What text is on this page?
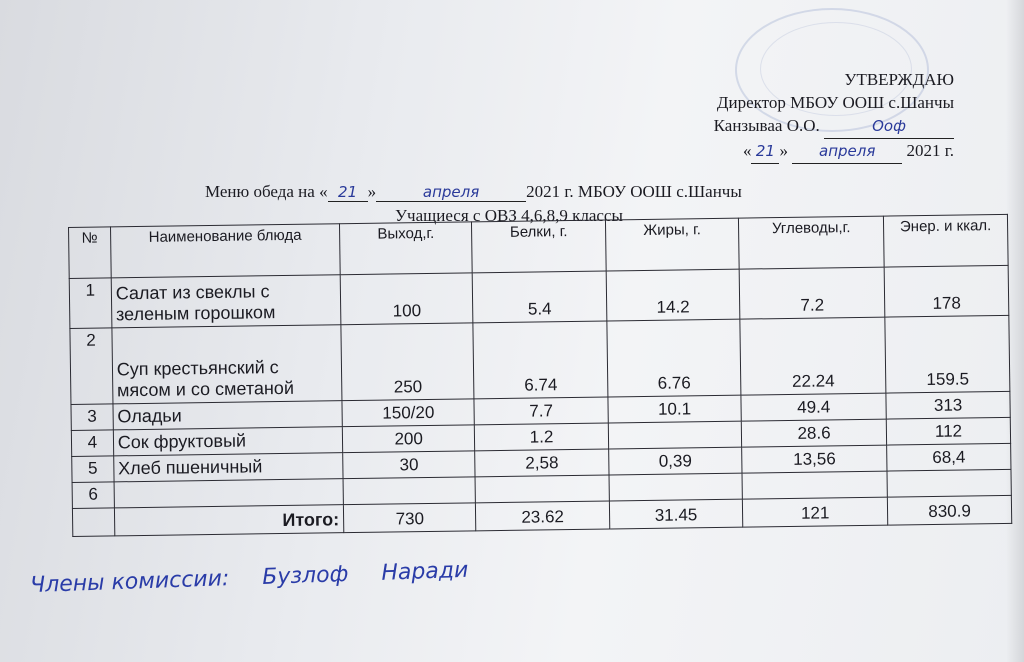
УТВЕРЖДАЮ
Директор МБОУ ООШ с.Шанчы
Канзываа О.О.	Ооф
« 21 » апреля 2021 г.
Меню обеда на « 21 »	апреля	2021 г. МБОУ ООШ с.Шанчы
Учащиеся с ОВЗ 4,6,8,9 классы
№	Наименование блюда	Выход,г.	Белки, г.	Жиры, г.	Углеводы,г.	Энер. и ккал.
1	Салат из свеклы с зеленым горошком	100	5.4	14.2	7.2	178
2	Суп крестьянский с мясом и со сметаной	250	6.74	6.76	22.24	159.5
3	Оладьи	150/20	7.7	10.1	49.4	313
4	Сок фруктовый	200	1.2		28.6	112
5	Хлеб пшеничный	30	2,58	0,39	13,56	68,4
6						
	Итого:	730	23.62	31.45	121	830.9
Члены комиссии: Бузлоф Наради
